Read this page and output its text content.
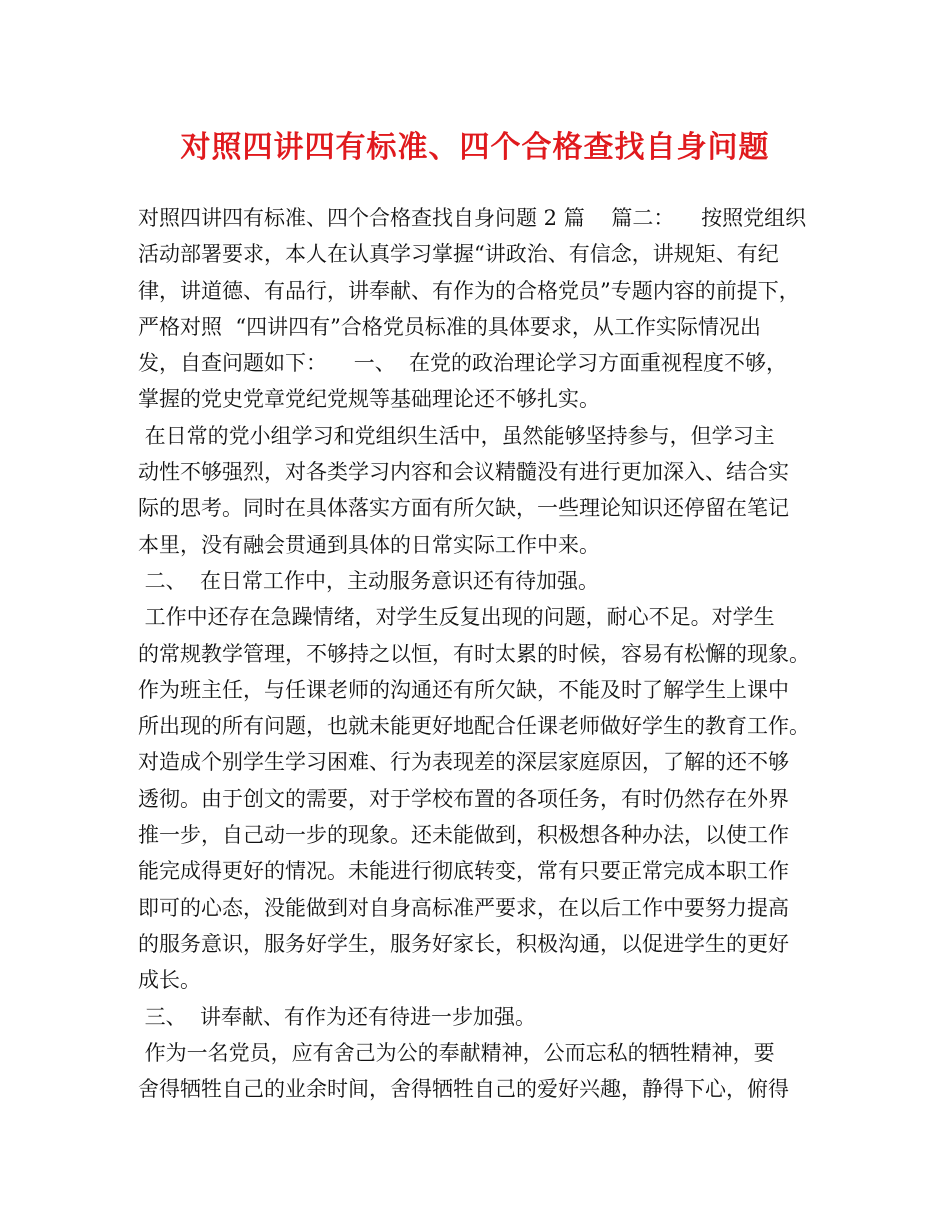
对照四讲四有标准、四个合格查找自身问题
对照四讲四有标准、四个合格查找自身问题 2 篇    篇二：    按照党组织
活动部署要求，本人在认真学习掌握“讲政治、有信念，讲规矩、有纪
律，讲道德、有品行，讲奉献、有作为的合格党员”专题内容的前提下，
严格对照  “四讲四有”合格党员标准的具体要求，从工作实际情况出
发，自查问题如下：    一、  在党的政治理论学习方面重视程度不够，
掌握的党史党章党纪党规等基础理论还不够扎实。
在日常的党小组学习和党组织生活中，虽然能够坚持参与，但学习主
动性不够强烈，对各类学习内容和会议精髓没有进行更加深入、结合实
际的思考。同时在具体落实方面有所欠缺，一些理论知识还停留在笔记
本里，没有融会贯通到具体的日常实际工作中来。
二、  在日常工作中，主动服务意识还有待加强。
工作中还存在急躁情绪，对学生反复出现的问题，耐心不足。对学生
的常规教学管理，不够持之以恒，有时太累的时候，容易有松懈的现象。
作为班主任，与任课老师的沟通还有所欠缺，不能及时了解学生上课中
所出现的所有问题，也就未能更好地配合任课老师做好学生的教育工作。
对造成个别学生学习困难、行为表现差的深层家庭原因，了解的还不够
透彻。由于创文的需要，对于学校布置的各项任务，有时仍然存在外界
推一步，自己动一步的现象。还未能做到，积极想各种办法，以使工作
能完成得更好的情况。未能进行彻底转变，常有只要正常完成本职工作
即可的心态，没能做到对自身高标准严要求，在以后工作中要努力提高
的服务意识，服务好学生，服务好家长，积极沟通，以促进学生的更好
成长。
三、  讲奉献、有作为还有待进一步加强。
作为一名党员，应有舍己为公的奉献精神，公而忘私的牺牲精神，要
舍得牺牲自己的业余时间，舍得牺牲自己的爱好兴趣，静得下心，俯得
